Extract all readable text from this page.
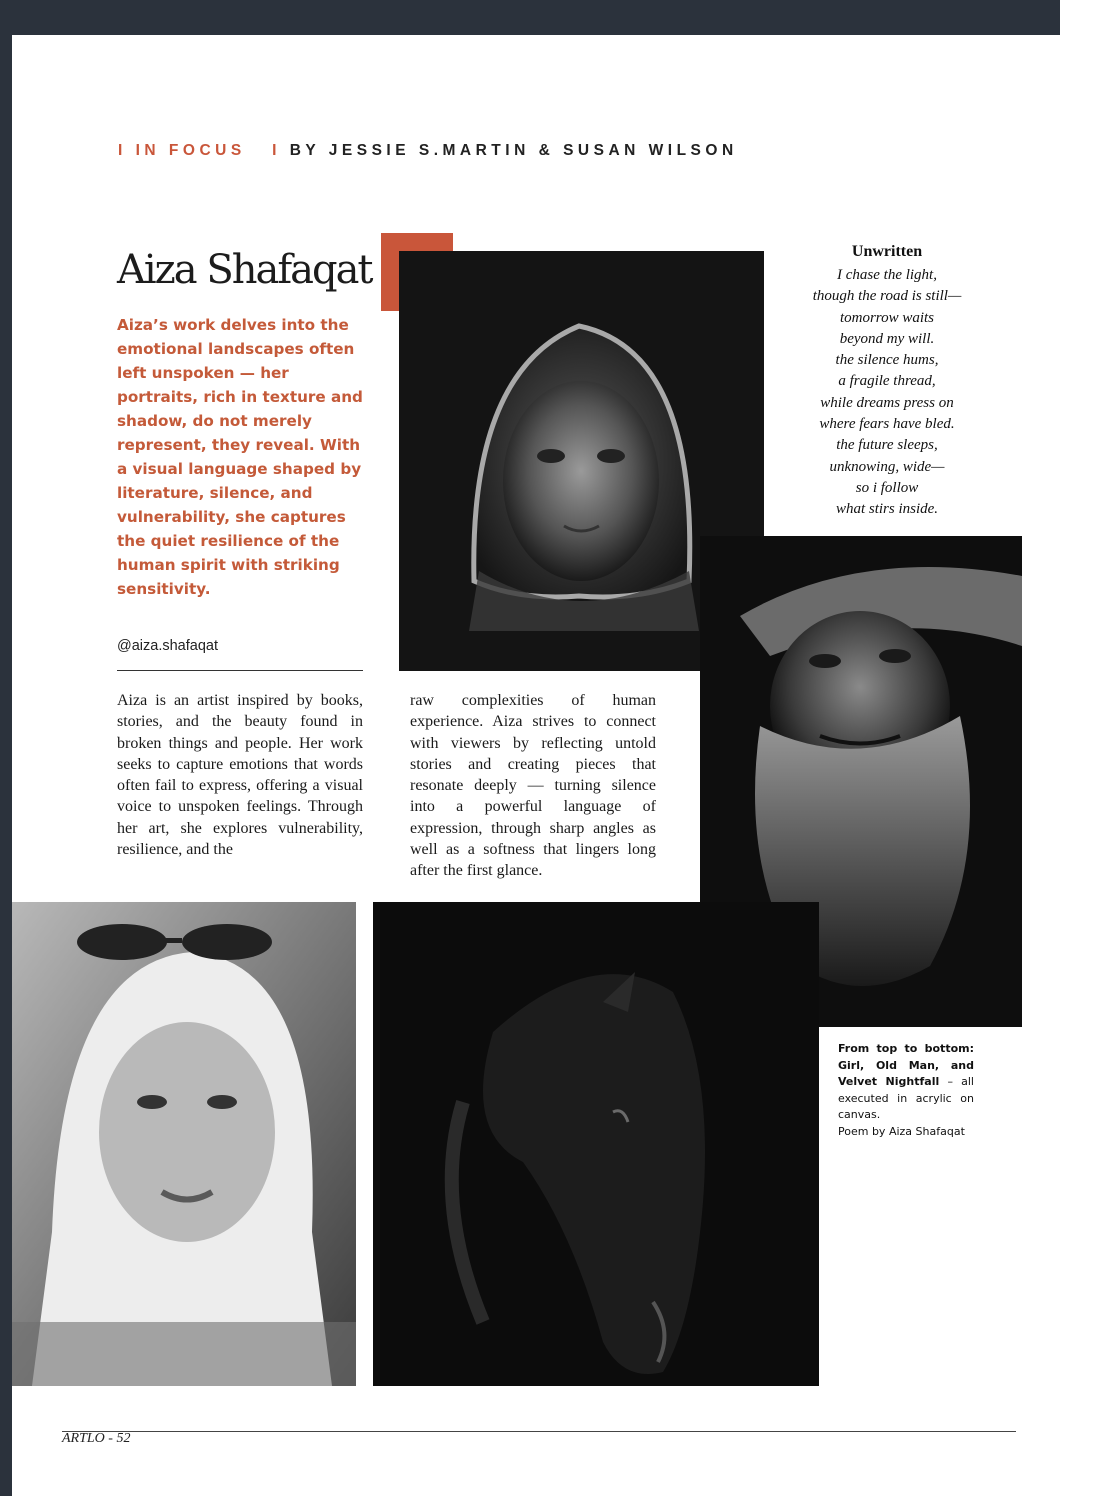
I IN FOCUS I BY JESSIE S.MARTIN & SUSAN WILSON
Aiza Shafaqat
Aiza’s work delves into the emotional landscapes often left unspoken — her portraits, rich in texture and shadow, do not merely represent, they reveal. With a visual language shaped by literature, silence, and vulnerability, she captures the quiet resilience of the human spirit with striking sensitivity.
@aiza.shafaqat
Aiza is an artist inspired by books, stories, and the beauty found in broken things and people. Her work seeks to capture emotions that words often fail to express, offering a visual voice to unspoken feelings. Through her art, she explores vulnerability, resilience, and the
raw complexities of human experience. Aiza strives to connect with viewers by reflecting untold stories and creating pieces that resonate deeply — turning silence into a powerful language of expression, through sharp angles as well as a softness that lingers long after the first glance.
Unwritten
I chase the light,
though the road is still—
tomorrow waits
beyond my will.
the silence hums,
a fragile thread,
while dreams press on
where fears have bled.
the future sleeps,
unknowing, wide—
so i follow
what stirs inside.
From top to bottom: Girl, Old Man, and Velvet Nightfall – all executed in acrylic on canvas.
Poem by Aiza Shafaqat
ARTLO - 52
